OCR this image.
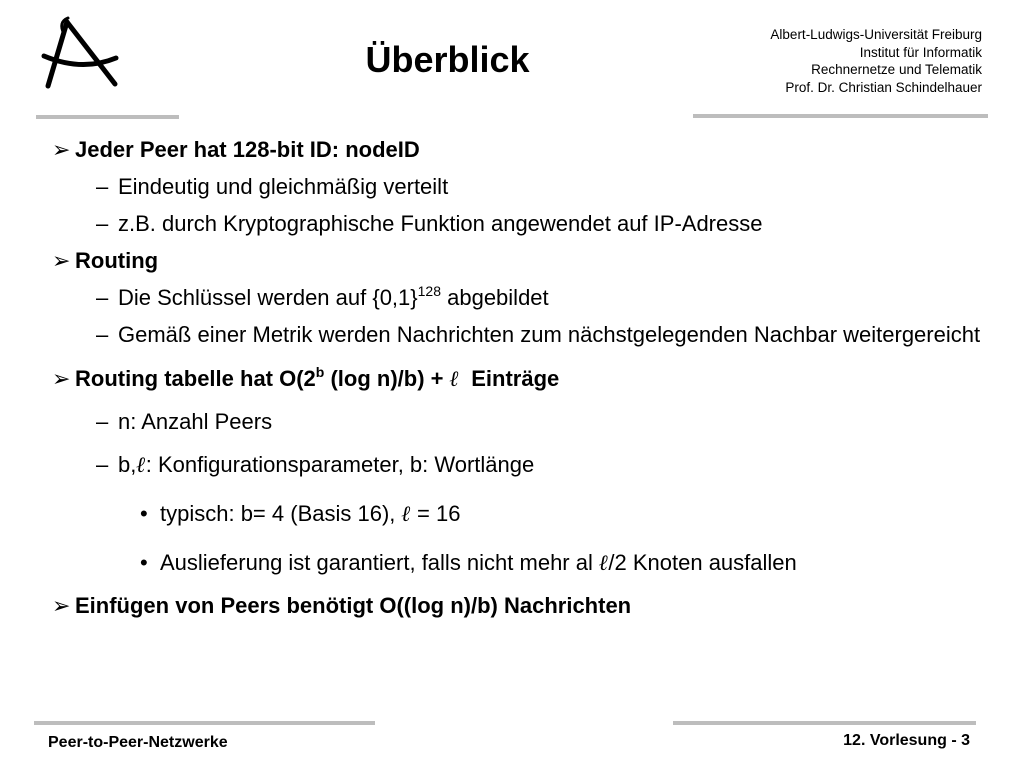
Überblick
Albert-Ludwigs-Universität Freiburg
Institut für Informatik
Rechnernetze und Telematik
Prof. Dr. Christian Schindelhauer
➢ Jeder Peer hat 128-bit ID: nodeID
– Eindeutig und gleichmäßig verteilt
– z.B. durch Kryptographische Funktion angewendet auf IP-Adresse
➢ Routing
– Die Schlüssel werden auf $\{0,1\}^{128}$ abgebildet
– Gemäß einer Metrik werden Nachrichten zum nächstgelegenden Nachbar weitergereicht
➢ Routing tabelle hat O(2$^b$ (log n)/b) + ℓ  Einträge
– n: Anzahl Peers
– b,ℓ: Konfigurationsparameter, b: Wortlänge
• typisch: b= 4 (Basis 16), ℓ = 16
• Auslieferung ist garantiert, falls nicht mehr al ℓ/2 Knoten ausfallen
➢ Einfügen von Peers benötigt O((log n)/b) Nachrichten
Peer-to-Peer-Netzwerke	12. Vorlesung - 3
